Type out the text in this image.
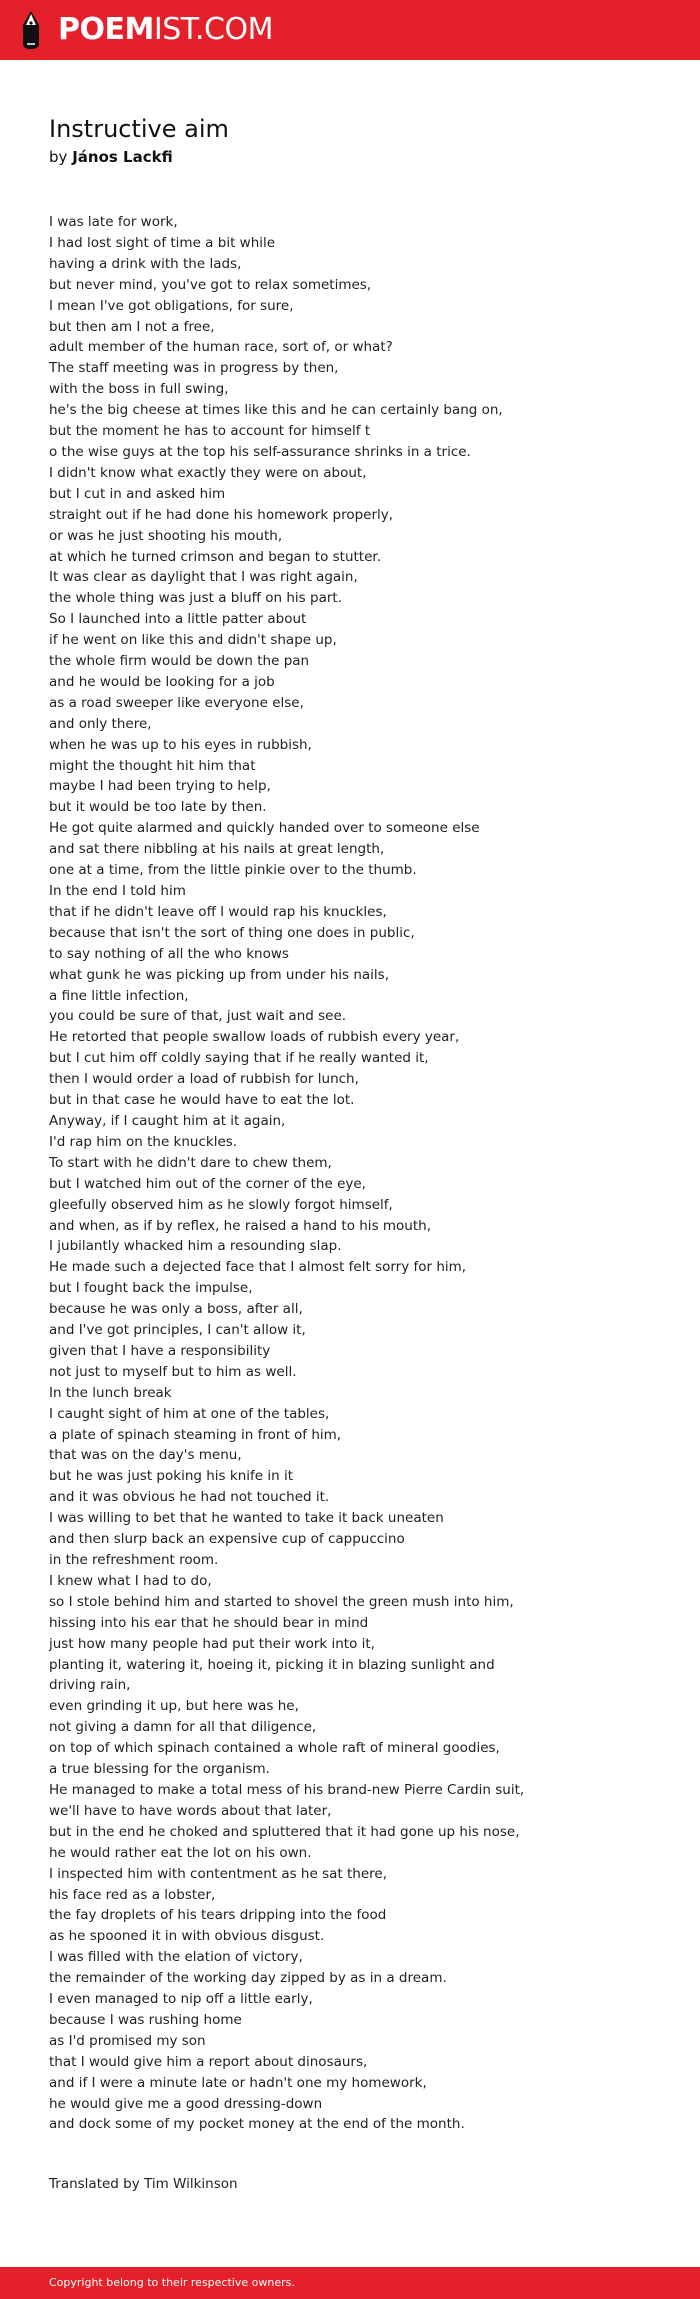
POEMIST.COM
Instructive aim
by János Lackfi
I was late for work,
I had lost sight of time a bit while
having a drink with the lads,
but never mind, you've got to relax sometimes,
I mean I've got obligations, for sure,
but then am I not a free,
adult member of the human race, sort of, or what?
The staff meeting was in progress by then,
with the boss in full swing,
he's the big cheese at times like this and he can certainly bang on,
but the moment he has to account for himself t
o the wise guys at the top his self-assurance shrinks in a trice.
I didn't know what exactly they were on about,
but I cut in and asked him
straight out if he had done his homework properly,
or was he just shooting his mouth,
at which he turned crimson and began to stutter.
It was clear as daylight that I was right again,
the whole thing was just a bluff on his part.
So I launched into a little patter about
if he went on like this and didn't shape up,
the whole firm would be down the pan
and he would be looking for a job
as a road sweeper like everyone else,
and only there,
when he was up to his eyes in rubbish,
might the thought hit him that
maybe I had been trying to help,
but it would be too late by then.
He got quite alarmed and quickly handed over to someone else
and sat there nibbling at his nails at great length,
one at a time, from the little pinkie over to the thumb.
In the end I told him
that if he didn't leave off I would rap his knuckles,
because that isn't the sort of thing one does in public,
to say nothing of all the who knows
what gunk he was picking up from under his nails,
a fine little infection,
you could be sure of that, just wait and see.
He retorted that people swallow loads of rubbish every year,
but I cut him off coldly saying that if he really wanted it,
then I would order a load of rubbish for lunch,
but in that case he would have to eat the lot.
Anyway, if I caught him at it again,
I'd rap him on the knuckles.
To start with he didn't dare to chew them,
but I watched him out of the corner of the eye,
gleefully observed him as he slowly forgot himself,
and when, as if by reflex, he raised a hand to his mouth,
I jubilantly whacked him a resounding slap.
He made such a dejected face that I almost felt sorry for him,
but I fought back the impulse,
because he was only a boss, after all,
and I've got principles, I can't allow it,
given that I have a responsibility
not just to myself but to him as well.
In the lunch break
I caught sight of him at one of the tables,
a plate of spinach steaming in front of him,
that was on the day's menu,
but he was just poking his knife in it
and it was obvious he had not touched it.
I was willing to bet that he wanted to take it back uneaten
and then slurp back an expensive cup of cappuccino
in the refreshment room.
I knew what I had to do,
so I stole behind him and started to shovel the green mush into him,
hissing into his ear that he should bear in mind
just how many people had put their work into it,
planting it, watering it, hoeing it, picking it in blazing sunlight and
driving rain,
even grinding it up, but here was he,
not giving a damn for all that diligence,
on top of which spinach contained a whole raft of mineral goodies,
a true blessing for the organism.
He managed to make a total mess of his brand-new Pierre Cardin suit,
we'll have to have words about that later,
but in the end he choked and spluttered that it had gone up his nose,
he would rather eat the lot on his own.
I inspected him with contentment as he sat there,
his face red as a lobster,
the fay droplets of his tears dripping into the food
as he spooned it in with obvious disgust.
I was filled with the elation of victory,
the remainder of the working day zipped by as in a dream.
I even managed to nip off a little early,
because I was rushing home
as I'd promised my son
that I would give him a report about dinosaurs,
and if I were a minute late or hadn't one my homework,
he would give me a good dressing-down
and dock some of my pocket money at the end of the month.
Translated by Tim Wilkinson
Copyright belong to their respective owners.
